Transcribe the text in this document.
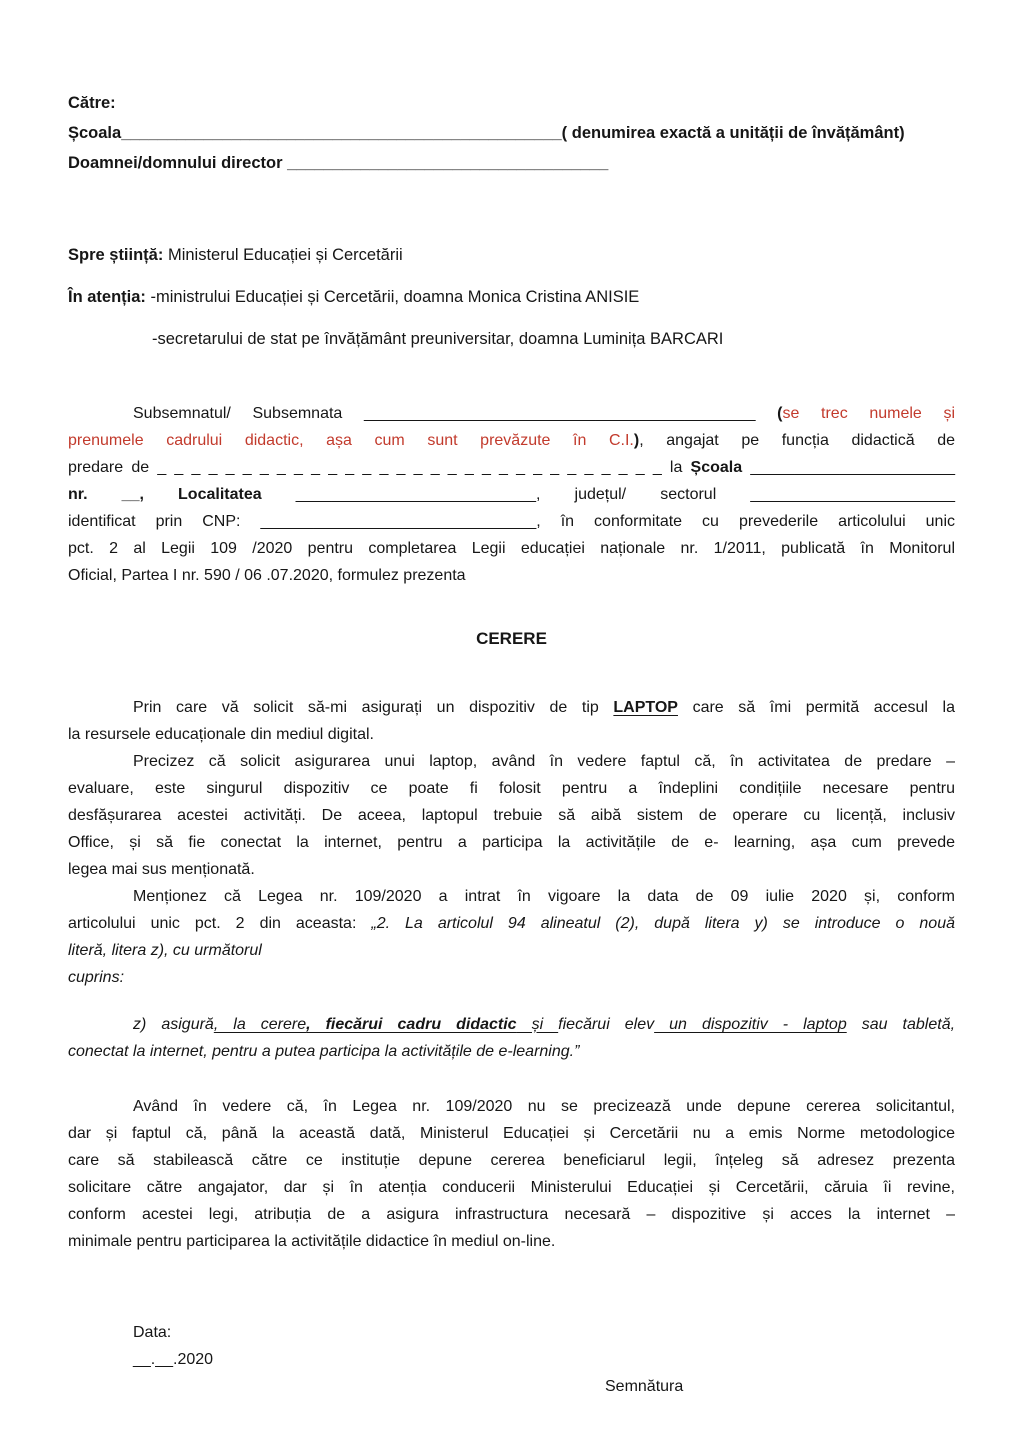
Către:
Școala________________________________________________( denumirea exactă a unității de învățământ)
Doamnei/domnului director ___________________________________
Spre știință: Ministerul Educației și Cercetării
În atenția: -ministrului Educației și Cercetării, doamna Monica Cristina ANISIE
-secretarului de stat pe învățământ preuniversitar, doamna Luminița BARCARI
Subsemnatul/ Subsemnata ____________________________________________ (se trec numele și
prenumele cadrului didactic, așa cum sunt prevăzute în C.I.), angajat pe funcția didactică de
predare de _ _ _ _ _ _ _ _ _ _ _ _ _ _ _ _ _ _ _ _ _ _ _ _ _ _ _ _ _ _ la Școala _______________________
nr. __, Localitatea ___________________________, județul/ sectorul _______________________
identificat prin CNP: _______________________________, în conformitate cu prevederile articolului unic
pct. 2 al Legii 109 /2020 pentru completarea Legii educației naționale nr. 1/2011, publicată în Monitorul
Oficial, Partea I nr. 590 / 06 .07.2020, formulez prezenta
CERERE
Prin care vă solicit să-mi asigurați un dispozitiv de tip LAPTOP care să îmi permită accesul la
la resursele educaționale din mediul digital.
Precizez că solicit asigurarea unui laptop, având în vedere faptul că, în activitatea de predare –
evaluare, este singurul dispozitiv ce poate fi folosit pentru a îndeplini condițiile necesare pentru
desfășurarea acestei activități. De aceea, laptopul trebuie să aibă sistem de operare cu licență, inclusiv
Office, și să fie conectat la internet, pentru a participa la activitățile de e- learning, așa cum prevede
legea mai sus menționată.
Menționez că Legea nr. 109/2020 a intrat în vigoare la data de 09 iulie 2020 și, conform
articolului unic pct. 2 din aceasta: „2. La articolul 94 alineatul (2), după litera y) se introduce o nouă
literă, litera z), cu următorul
cuprins:
z) asigură, la cerere, fiecărui cadru didactic și fiecărui elev un dispozitiv - laptop sau tabletă,
conectat la internet, pentru a putea participa la activitățile de e-learning.”
Având în vedere că, în Legea nr. 109/2020 nu se precizează unde depune cererea solicitantul,
dar și faptul că, până la această dată, Ministerul Educației și Cercetării nu a emis Norme metodologice
care să stabilească către ce instituție depune cererea beneficiarul legii, înțeleg să adresez prezenta
solicitare către angajator, dar și în atenția conducerii Ministerului Educației și Cercetării, căruia îi revine,
conform acestei legi, atribuția de a asigura infrastructura necesară – dispozitive și acces la internet –
minimale pentru participarea la activitățile didactice în mediul on-line.
Data:
__.__.2020
Semnătura
